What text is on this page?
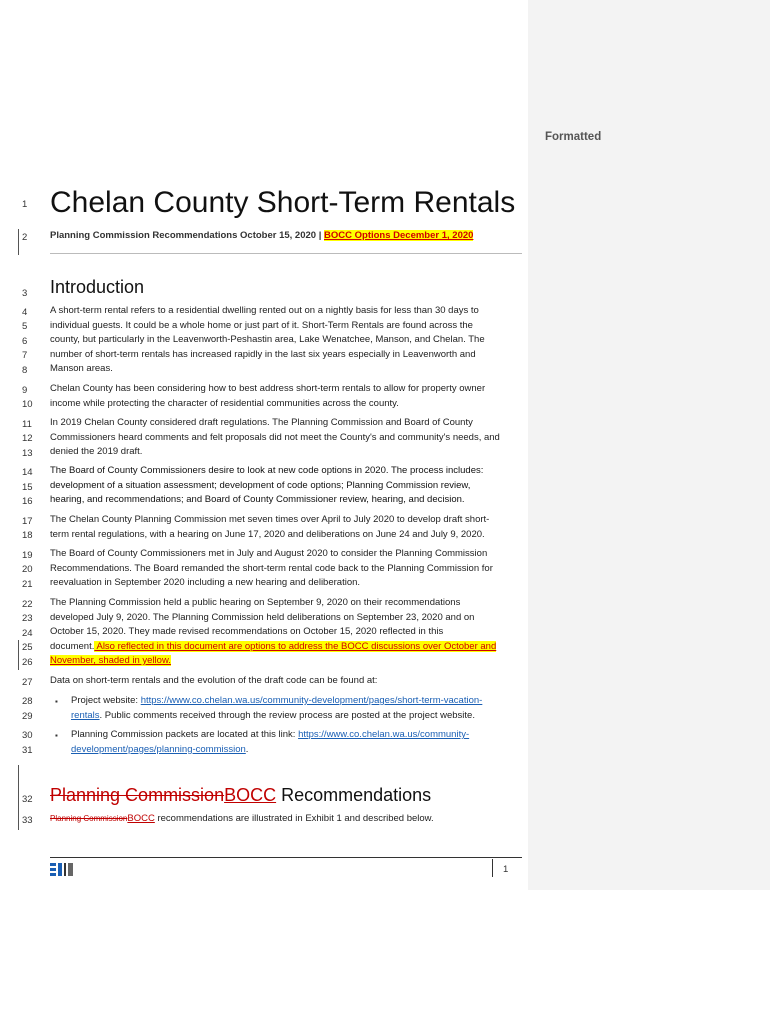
Formatted
1
2
3
4
5
6
7
8
9
10
11
12
13
14
15
16
17
18
19
20
21
22
23
24
25
26
27
28
29
30
31
32
33
Chelan County Short-Term Rentals
Planning Commission Recommendations October 15, 2020 | BOCC Options December 1, 2020
Introduction

A short-term rental refers to a residential dwelling rented out on a nightly basis for less than 30 days to

individual guests. It could be a whole home or just part of it. Short-Term Rentals are found across the

county, but particularly in the Leavenworth-Peshastin area, Lake Wenatchee, Manson, and Chelan. The

number of short-term rentals has increased rapidly in the last six years especially in Leavenworth and

Manson areas.

Chelan County has been considering how to best address short-term rentals to allow for property owner

income while protecting the character of residential communities across the county.

In 2019 Chelan County considered draft regulations. The Planning Commission and Board of County

Commissioners heard comments and felt proposals did not meet the County's and community's needs, and

denied the 2019 draft.

The Board of County Commissioners desire to look at new code options in 2020. The process includes:

development of a situation assessment; development of code options; Planning Commission review,

hearing, and recommendations; and Board of County Commissioner review, hearing, and decision.

The Chelan County Planning Commission met seven times over April to July 2020 to develop draft short-

term rental regulations, with a hearing on June 17, 2020 and deliberations on June 24 and July 9, 2020.

The Board of County Commissioners met in July and August 2020 to consider the Planning Commission

Recommendations. The Board remanded the short-term rental code back to the Planning Commission for

reevaluation in September 2020 including a new hearing and deliberation.

The Planning Commission held a public hearing on September 9, 2020 on their recommendations

developed July 9, 2020. The Planning Commission held deliberations on September 23, 2020 and on

October 15, 2020. They made revised recommendations on October 15, 2020 reflected in this

document. Also reflected in this document are options to address the BOCC discussions over October and

November, shaded in yellow.

Data on short-term rentals and the evolution of the draft code can be found at:
▪ Project website: https://www.co.chelan.wa.us/community-development/pages/short-term-vacation-
rentals. Public comments received through the review process are posted at the project website.
▪ Planning Commission packets are located at this link: https://www.co.chelan.wa.us/community-
development/pages/planning-commission.
Planning CommissionBOCC Recommendations
Planning CommissionBOCC recommendations are illustrated in Exhibit 1 and described below.
1
